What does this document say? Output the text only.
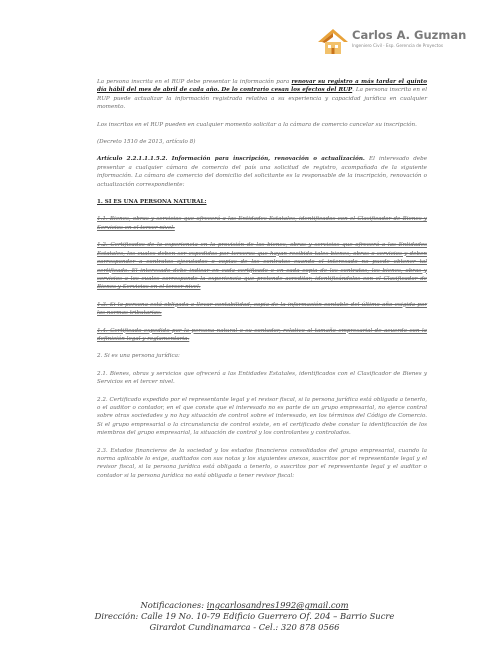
Carlos A. Guzman
Ingeniero Civil · Esp. Gerencia de Proyectos

La persona inscrita en el RUP debe presentar la información para renovar su registro a más tardar el quinto día hábil del mes de abril de cada año. De lo contrario cesan los efectos del RUP. La persona inscrita en el RUP puede actualizar la información registrada relativa a su experiencia y capacidad jurídica en cualquier momento.

Los inscritos en el RUP pueden en cualquier momento solicitar a la cámara de comercio cancelar su inscripción.

(Decreto 1510 de 2013, artículo 8)

Artículo 2.2.1.1.1.5.2. Información para inscripción, renovación o actualización. El interesado debe presentar a cualquier cámara de comercio del país una solicitud de registro, acompañada de la siguiente información. La cámara de comercio del domicilio del solicitante es la responsable de la inscripción, renovación o actualización correspondiente:

1. SI ES UNA PERSONA NATURAL:

1.1. Bienes, obras y servicios que ofrecerá a las Entidades Estatales, identificados con el Clasificador de Bienes y Servicios en el tercer nivel.

1.2. Certificados de la experiencia en la provisión de los bienes, obras y servicios que ofrecerá a las Entidades Estatales, los cuales deben ser expedidos por terceros que hayan recibido tales bienes, obras o servicios y deben corresponder a contratos ejecutados o copias de los contratos cuando el interesado no puede obtener tal certificado. El interesado debe indicar en cada certificado o en cada copia de los contratos, los bienes, obras y servicios a los cuales corresponde la experiencia que pretende acreditar, identificándolos con el Clasificador de Bienes y Servicios en el tercer nivel.

1.3. Si la persona está obligada a llevar contabilidad, copia de la información contable del último año exigida por las normas tributarias.

1.4. Certificado expedido por la persona natural o su contador, relativo al tamaño empresarial de acuerdo con la definición legal y reglamentaria.

2. Si es una persona jurídica:

2.1. Bienes, obras y servicios que ofrecerá a las Entidades Estatales, identificados con el Clasificador de Bienes y Servicios en el tercer nivel.

2.2. Certificado expedido por el representante legal y el revisor fiscal, si la persona jurídica está obligada a tenerlo, o el auditor o contador, en el que conste que el interesado no es parte de un grupo empresarial, no ejerce control sobre otras sociedades y no hay situación de control sobre el interesado, en los términos del Código de Comercio. Si el grupo empresarial o la circunstancia de control existe, en el certificado debe constar la identificación de los miembros del grupo empresarial, la situación de control y los controlantes y controlados.

2.3. Estados financieros de la sociedad y los estados financieros consolidados del grupo empresarial, cuando la norma aplicable lo exige, auditados con sus notas y los siguientes anexos, suscritos por el representante legal y el revisor fiscal, si la persona jurídica está obligada a tenerlo, o suscritos por el representante legal y el auditor o contador si la persona jurídica no está obligada a tener revisor fiscal:

Notificaciones: ingcarlosandres1992@gmail.com
Dirección: Calle 19 No. 10-79 Edificio Guerrero Of. 204 – Barrio Sucre
Girardot Cundinamarca - Cel.: 320 878 0566
